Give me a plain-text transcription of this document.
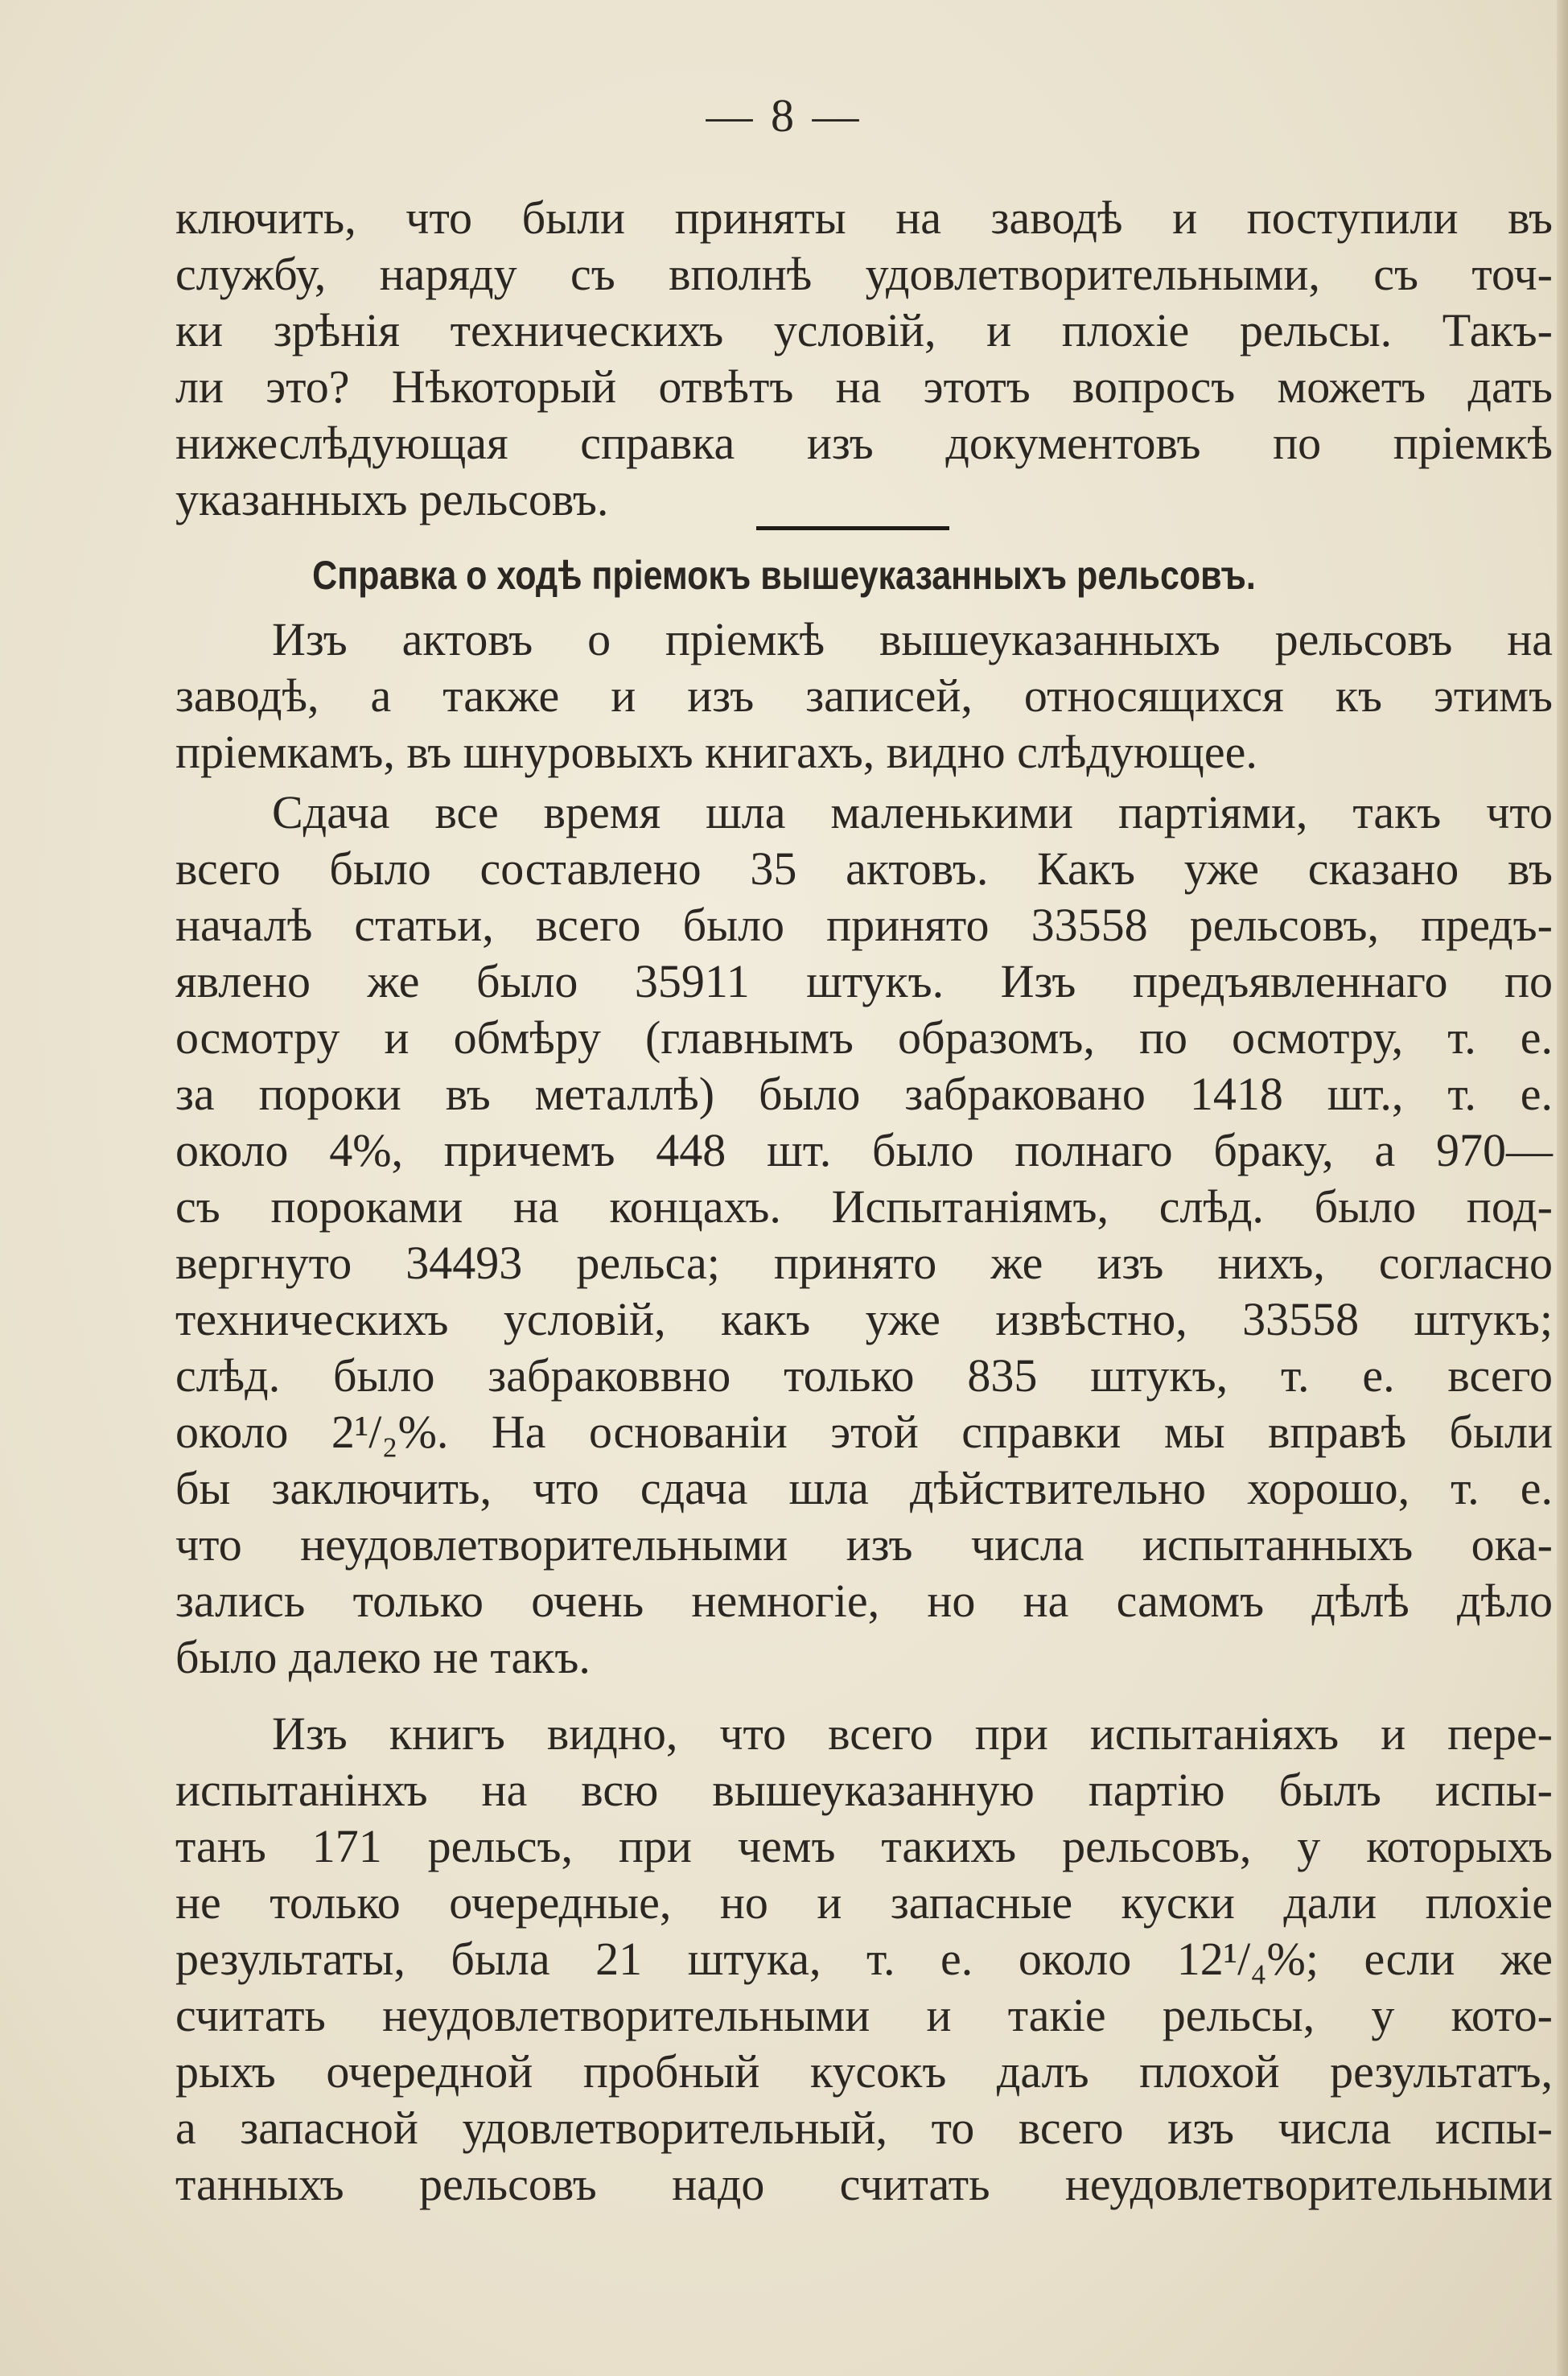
— 8 —
ключить, что были приняты на заводѣ и поступили въ
службу, наряду съ вполнѣ удовлетворительными, съ точ-
ки зрѣнія техническихъ условій, и плохіе рельсы. Такъ-
ли это? Нѣкоторый отвѣтъ на этотъ вопросъ можетъ дать
нижеслѣдующая справка изъ документовъ по пріемкѣ
указанныхъ рельсовъ.
Справка о ходѣ пріемокъ вышеуказанныхъ рельсовъ.
Изъ актовъ о пріемкѣ вышеуказанныхъ рельсовъ на
заводѣ, а также и изъ записей, относящихся къ этимъ
пріемкамъ, въ шнуровыхъ книгахъ, видно слѣдующее.
Сдача все время шла маленькими партіями, такъ что
всего было составлено 35 актовъ. Какъ уже сказано въ
началѣ статьи, всего было принято 33558 рельсовъ, предъ-
явлено же было 35911 штукъ. Изъ предъявленнаго по
осмотру и обмѣру (главнымъ образомъ, по осмотру, т. е.
за пороки въ металлѣ) было забраковано 1418 шт., т. е.
около 4%, причемъ 448 шт. было полнаго браку, а 970—
съ пороками на концахъ. Испытаніямъ, слѣд. было под-
вергнуто 34493 рельса; принято же изъ нихъ, согласно
техническихъ условій, какъ уже извѣстно, 33558 штукъ;
слѣд. было забраковвно только 835 штукъ, т. е. всего
около 2¹/₂%. На основаніи этой справки мы вправѣ были
бы заключить, что сдача шла дѣйствительно хорошо, т. е.
что неудовлетворительными изъ числа испытанныхъ ока-
зались только очень немногіе, но на самомъ дѣлѣ дѣло
было далеко не такъ.
Изъ книгъ видно, что всего при испытаніяхъ и пере-
испытанiнхъ на всю вышеуказанную партію былъ испы-
танъ 171 рельсъ, при чемъ такихъ рельсовъ, у которыхъ
не только очередные, но и запасные куски дали плохіе
результаты, была 21 штука, т. е. около 12¹/₄%; если же
считать неудовлетворительными и такіе рельсы, у кото-
рыхъ очередной пробный кусокъ далъ плохой результатъ,
а запасной удовлетворительный, то всего изъ числа испы-
танныхъ рельсовъ надо считать неудовлетворительными
